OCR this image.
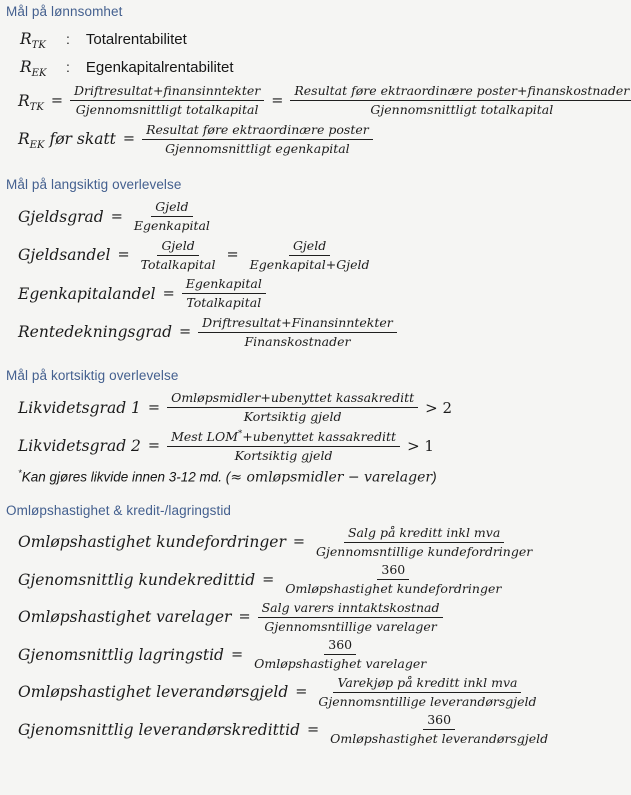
Mål på lønnsomhet
$R_{TK}$	: Totalrentabilitet
$R_{EK}$	: Egenkapitalrentabilitet
$R_{TK} = \frac{\text{Driftresultat+finansinntekter}}{\text{Gjennomsnittligt totalkapital}} = \frac{\text{Resultat føre ektraordinære poster+finanskostnader}}{\text{Gjennomsnittligt totalkapital}}$
$R_{EK}$ før skatt = $\frac{\text{Resultat føre ektraordinære poster}}{\text{Gjennomsnittligt egenkapital}}$
Mål på langsiktig overlevelse
Gjeldsgrad = $\frac{\text{Gjeld}}{\text{Egenkapital}}$
Gjeldsandel = $\frac{\text{Gjeld}}{\text{Totalkapital}} = \frac{\text{Gjeld}}{\text{Egenkapital+Gjeld}}$
Egenkapitalandel = $\frac{\text{Egenkapital}}{\text{Totalkapital}}$
Rentedekningsgrad = $\frac{\text{Driftresultat+Finansinntekter}}{\text{Finanskostnader}}$
Mål på kortsiktig overlevelse
Likvidetsgrad $1 = \frac{\text{Omløpsmidler+ubenyttet kassakreditt}}{\text{Kortsiktig gjeld}} > 2$
Likvidetsgrad $2 = \frac{Mest LOM^*+ubenyttet kassakreditt}{\text{Kortsiktig gjeld}} > 1$
*Kan gjøres likvide innen 3-12 md. (≈ omløpsmidler − varelager)
Omløpshastighet & kredit-/lagringstid
Omløpshastighet kundefordringer = $\frac{\text{Salg på kreditt inkl mva}}{\text{Gjennomsntillige kundefordringer}}$
Gjenomsnittlig kundekredittid = $\frac{360}{\text{Omløpshastighet kundefordringer}}$
Omløpshastighet varelager = $\frac{\text{Salg varers inntaktskostnad}}{\text{Gjennomsntillige varelager}}$
Gjenomsnittlig lagringstid = $\frac{360}{\text{Omløpshastighet varelager}}$
Omløpshastighet leverandørsgjeld = $\frac{\text{Varekjøp på kreditt inkl mva}}{\text{Gjennomsntillige leverandørsgjeld}}$
Gjenomsnittlig leverandørskredittid = $\frac{360}{\text{Omløpshastighet leverandørsgjeld}}$
